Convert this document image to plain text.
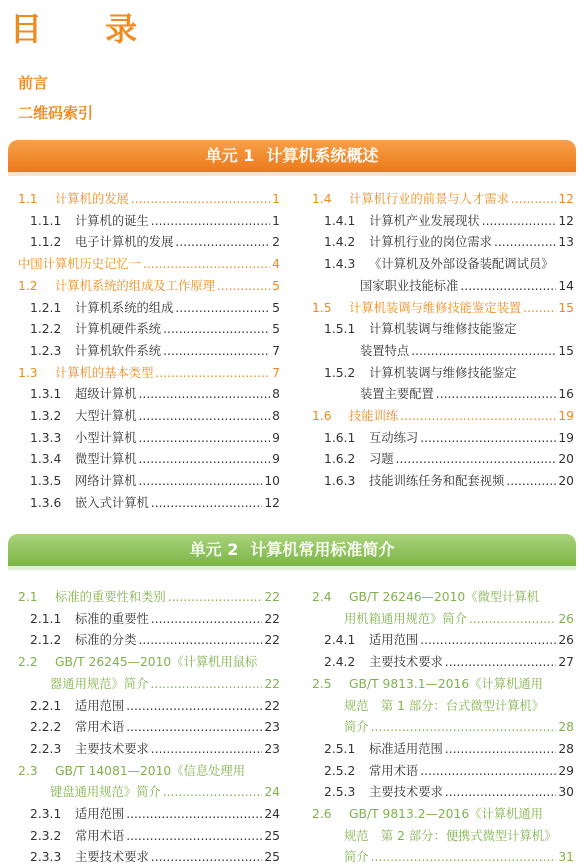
目 录
前言
二维码索引
单元 1 计算机系统概述
1.1	计算机的发展 .....	1
1.1.1	计算机的诞生 .....	1
1.1.2	电子计算机的发展 .....	2
中国计算机历史记忆一 .....	4
1.2	计算机系统的组成及工作原理 .....	5
1.2.1	计算机系统的组成 .....	5
1.2.2	计算机硬件系统 .....	5
1.2.3	计算机软件系统 .....	7
1.3	计算机的基本类型 .....	7
1.3.1	超级计算机 .....	8
1.3.2	大型计算机 .....	8
1.3.3	小型计算机 .....	9
1.3.4	微型计算机 .....	9
1.3.5	网络计算机 .....	10
1.3.6	嵌入式计算机 .....	12
1.4	计算机行业的前景与人才需求 .....	12
1.4.1	计算机产业发展现状 .....	12
1.4.2	计算机行业的岗位需求 .....	13
1.4.3	《计算机及外部设备装配调试员》
国家职业技能标准 .....	14
1.5	计算机装调与维修技能鉴定装置 .....	15
1.5.1	计算机装调与维修技能鉴定
装置特点 .....	15
1.5.2	计算机装调与维修技能鉴定
装置主要配置 .....	16
1.6	技能训练 .....	19
1.6.1	互动练习 .....	19
1.6.2	习题 .....	20
1.6.3	技能训练任务和配套视频 .....	20
单元 2 计算机常用标准简介
2.1	标准的重要性和类别 .....	22
2.1.1	标准的重要性 .....	22
2.1.2	标准的分类 .....	22
2.2	GB/T 26245—2010《计算机用鼠标
器通用规范》简介 .....	22
2.2.1	适用范围 .....	22
2.2.2	常用术语 .....	23
2.2.3	主要技术要求 .....	23
2.3	GB/T 14081—2010《信息处理用
键盘通用规范》简介 .....	24
2.3.1	适用范围 .....	24
2.3.2	常用术语 .....	25
2.3.3	主要技术要求 .....	25
2.4	GB/T 26246—2010《微型计算机
用机箱通用规范》简介 .....	26
2.4.1	适用范围 .....	26
2.4.2	主要技术要求 .....	27
2.5	GB/T 9813.1—2016《计算机通用
规范　第 1 部分：台式微型计算机》
简介 .....	28
2.5.1	标准适用范围 .....	28
2.5.2	常用术语 .....	29
2.5.3	主要技术要求 .....	30
2.6	GB/T 9813.2—2016《计算机通用
规范　第 2 部分：便携式微型计算机》
简介 .....	31
